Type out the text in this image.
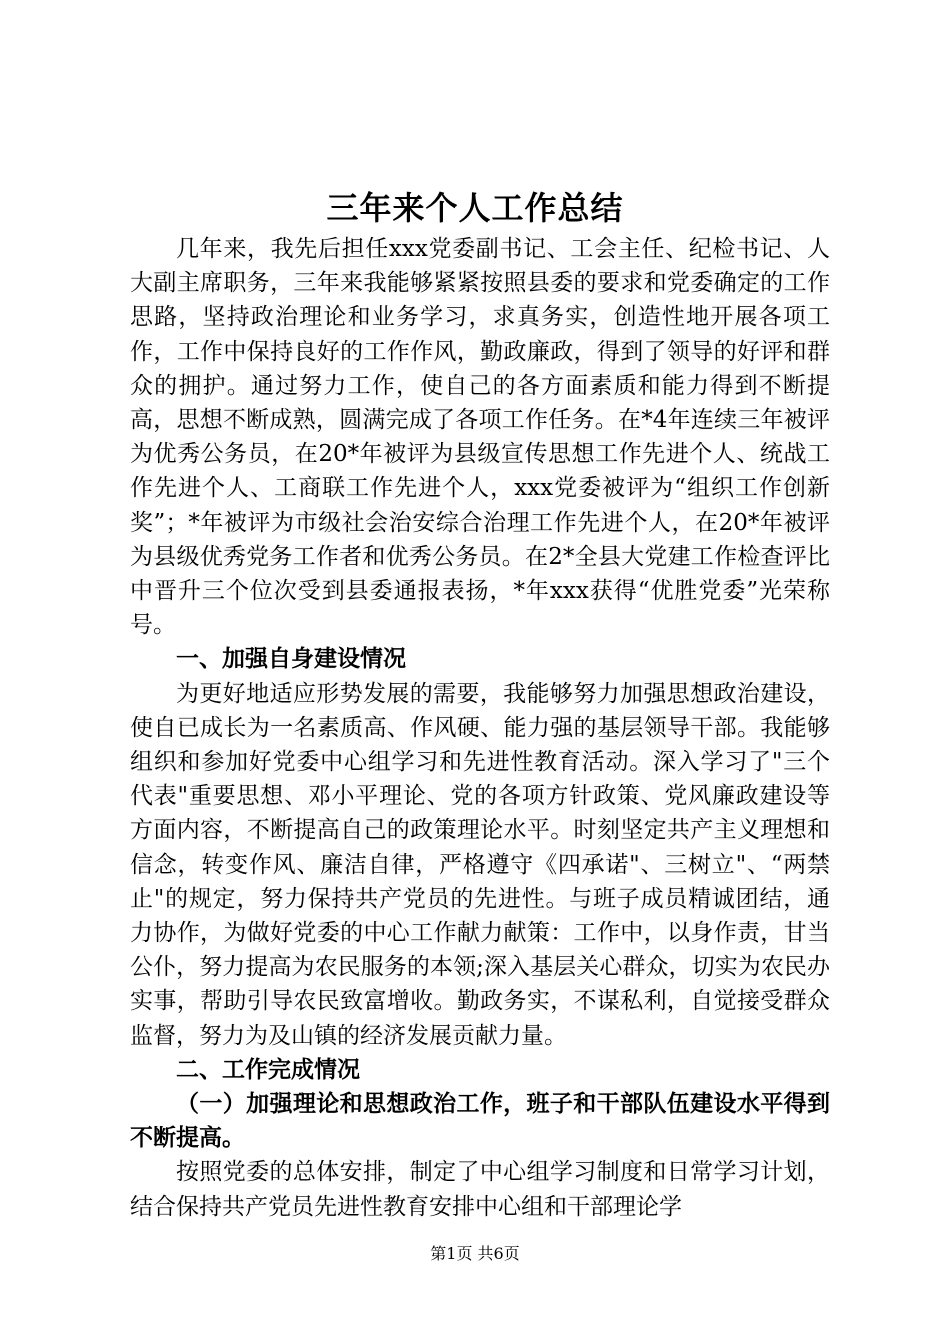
三年来个人工作总结

几年来，我先后担任xxx党委副书记、工会主任、纪检书记、人大副主席职务，三年来我能够紧紧按照县委的要求和党委确定的工作思路，坚持政治理论和业务学习，求真务实，创造性地开展各项工作，工作中保持良好的工作作风，勤政廉政，得到了领导的好评和群众的拥护。通过努力工作，使自己的各方面素质和能力得到不断提高，思想不断成熟，圆满完成了各项工作任务。在*4年连续三年被评为优秀公务员，在20*年被评为县级宣传思想工作先进个人、统战工作先进个人、工商联工作先进个人，xxx党委被评为“组织工作创新奖”；*年被评为市级社会治安综合治理工作先进个人，在20*年被评为县级优秀党务工作者和优秀公务员。在2*全县大党建工作检查评比中晋升三个位次受到县委通报表扬，*年xxx获得“优胜党委”光荣称号。

一、加强自身建设情况

为更好地适应形势发展的需要，我能够努力加强思想政治建设，使自已成长为一名素质高、作风硬、能力强的基层领导干部。我能够组织和参加好党委中心组学习和先进性教育活动。深入学习了"三个代表"重要思想、邓小平理论、党的各项方针政策、党风廉政建设等方面内容，不断提高自己的政策理论水平。时刻坚定共产主义理想和信念，转变作风、廉洁自律，严格遵守《四承诺"、三树立"、“两禁止"的规定，努力保持共产党员的先进性。与班子成员精诚团结，通力协作，为做好党委的中心工作献力献策：工作中，以身作责，甘当公仆，努力提高为农民服务的本领;深入基层关心群众，切实为农民办实事，帮助引导农民致富增收。勤政务实，不谋私利，自觉接受群众监督，努力为及山镇的经济发展贡献力量。

二、工作完成情况
（一）加强理论和思想政治工作，班子和干部队伍建设水平得到不断提高。

按照党委的总体安排，制定了中心组学习制度和日常学习计划，结合保持共产党员先进性教育安排中心组和干部理论学

第1页 共6页
